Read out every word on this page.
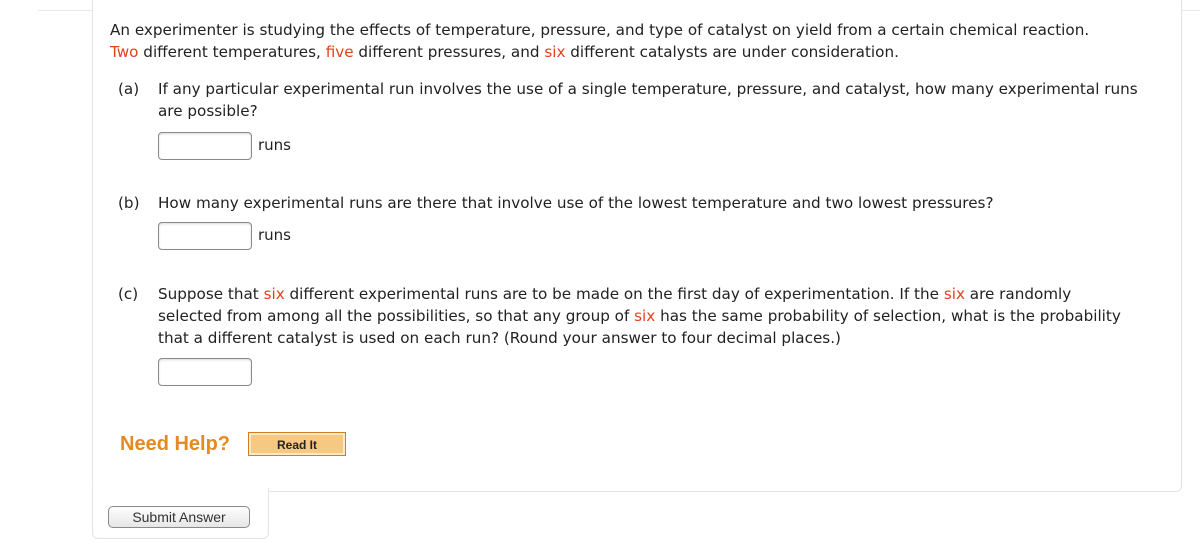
An experimenter is studying the effects of temperature, pressure, and type of catalyst on yield from a certain chemical reaction.
Two different temperatures, five different pressures, and six different catalysts are under consideration.
(a) If any particular experimental run involves the use of a single temperature, pressure, and catalyst, how many experimental runs are possible?
runs
(b) How many experimental runs are there that involve use of the lowest temperature and two lowest pressures?
runs
(c) Suppose that six different experimental runs are to be made on the first day of experimentation. If the six are randomly selected from among all the possibilities, so that any group of six has the same probability of selection, what is the probability that a different catalyst is used on each run? (Round your answer to four decimal places.)
Need Help?	Read It
Submit Answer
